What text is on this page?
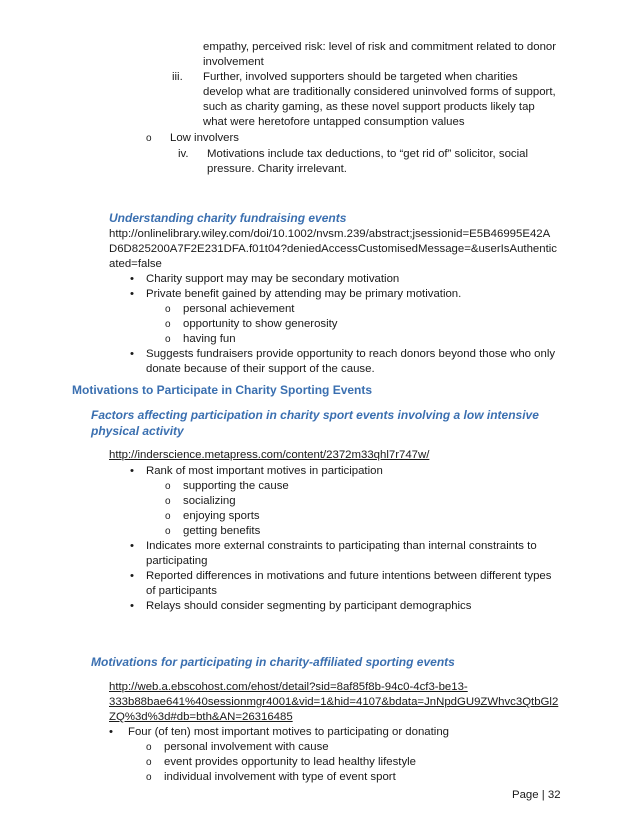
empathy, perceived risk: level of risk and commitment related to donor
involvement
iii. Further, involved supporters should be targeted when charities
develop what are traditionally considered uninvolved forms of support,
such as charity gaming, as these novel support products likely tap
what were heretofore untapped consumption values
o Low involvers
iv. Motivations include tax deductions, to “get rid of” solicitor, social
pressure. Charity irrelevant.
Understanding charity fundraising events
http://onlinelibrary.wiley.com/doi/10.1002/nvsm.239/abstract;jsessionid=E5B46995E42A
D6D825200A7F2E231DFA.f01t04?deniedAccessCustomisedMessage=&userIsAuthentic
ated=false
• Charity support may may be secondary motivation
• Private benefit gained by attending may be primary motivation.
o personal achievement
o opportunity to show generosity
o having fun
• Suggests fundraisers provide opportunity to reach donors beyond those who only
donate because of their support of the cause.
Motivations to Participate in Charity Sporting Events
Factors affecting participation in charity sport events involving a low intensive
physical activity
http://inderscience.metapress.com/content/2372m33qhl7r747w/
• Rank of most important motives in participation
o supporting the cause
o socializing
o enjoying sports
o getting benefits
• Indicates more external constraints to participating than internal constraints to
participating
• Reported differences in motivations and future intentions between different types
of participants
• Relays should consider segmenting by participant demographics
Motivations for participating in charity-affiliated sporting events
http://web.a.ebscohost.com/ehost/detail?sid=8af85f8b-94c0-4cf3-be13-
333b88bae641%40sessionmgr4001&vid=1&hid=4107&bdata=JnNpdGU9ZWhvc3QtbGl2
ZQ%3d%3d#db=bth&AN=26316485
• Four (of ten) most important motives to participating or donating
o personal involvement with cause
o event provides opportunity to lead healthy lifestyle
o individual involvement with type of event sport
Page | 32
